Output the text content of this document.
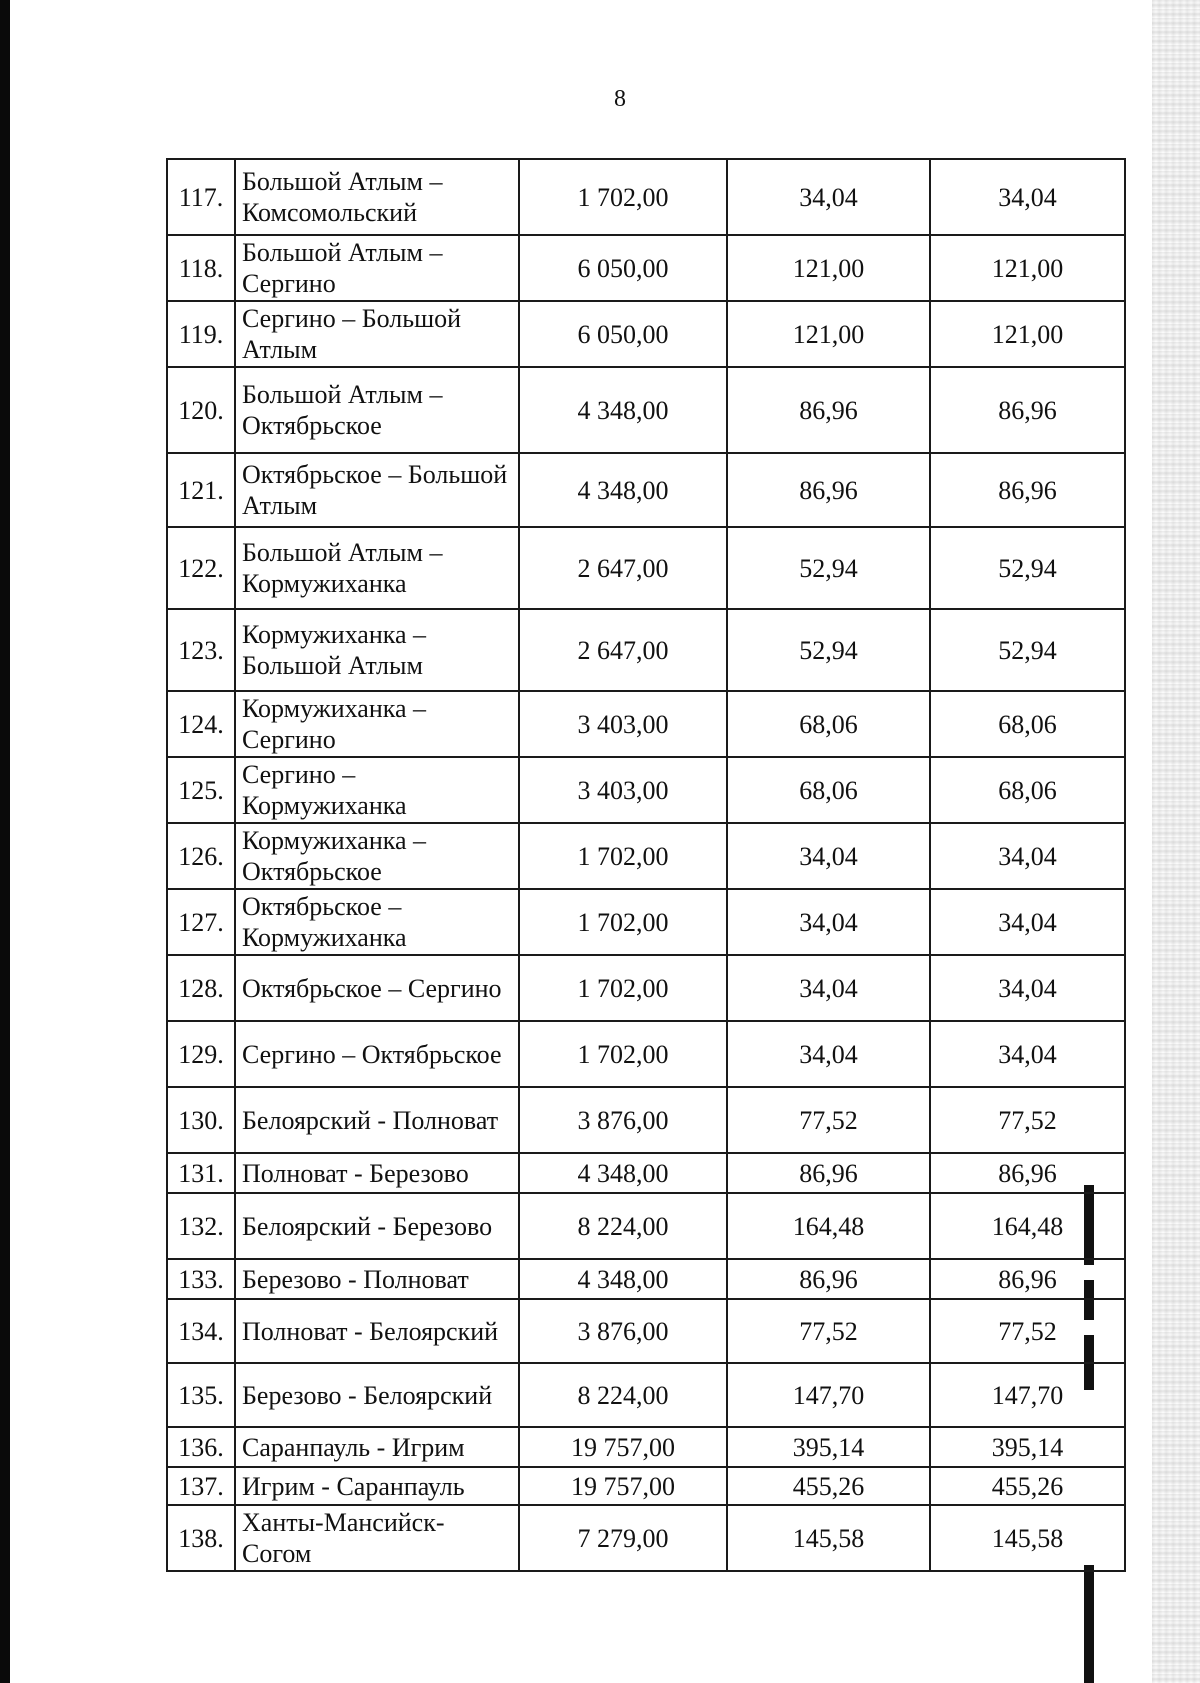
8
117.	Большой Атлым – Комсомольский	1 702,00	34,04	34,04
118.	Большой Атлым – Сергино	6 050,00	121,00	121,00
119.	Сергино – Большой Атлым	6 050,00	121,00	121,00
120.	Большой Атлым – Октябрьское	4 348,00	86,96	86,96
121.	Октябрьское – Большой Атлым	4 348,00	86,96	86,96
122.	Большой Атлым – Кормужиханка	2 647,00	52,94	52,94
123.	Кормужиханка – Большой Атлым	2 647,00	52,94	52,94
124.	Кормужиханка – Сергино	3 403,00	68,06	68,06
125.	Сергино – Кормужиханка	3 403,00	68,06	68,06
126.	Кормужиханка – Октябрьское	1 702,00	34,04	34,04
127.	Октябрьское – Кормужиханка	1 702,00	34,04	34,04
128.	Октябрьское – Сергино	1 702,00	34,04	34,04
129.	Сергино – Октябрьское	1 702,00	34,04	34,04
130.	Белоярский - Полноват	3 876,00	77,52	77,52
131.	Полноват - Березово	4 348,00	86,96	86,96
132.	Белоярский - Березово	8 224,00	164,48	164,48
133.	Березово - Полноват	4 348,00	86,96	86,96
134.	Полноват - Белоярский	3 876,00	77,52	77,52
135.	Березово - Белоярский	8 224,00	147,70	147,70
136.	Саранпауль - Игрим	19 757,00	395,14	395,14
137.	Игрим - Саранпауль	19 757,00	455,26	455,26
138.	Ханты-Мансийск-Согом	7 279,00	145,58	145,58
